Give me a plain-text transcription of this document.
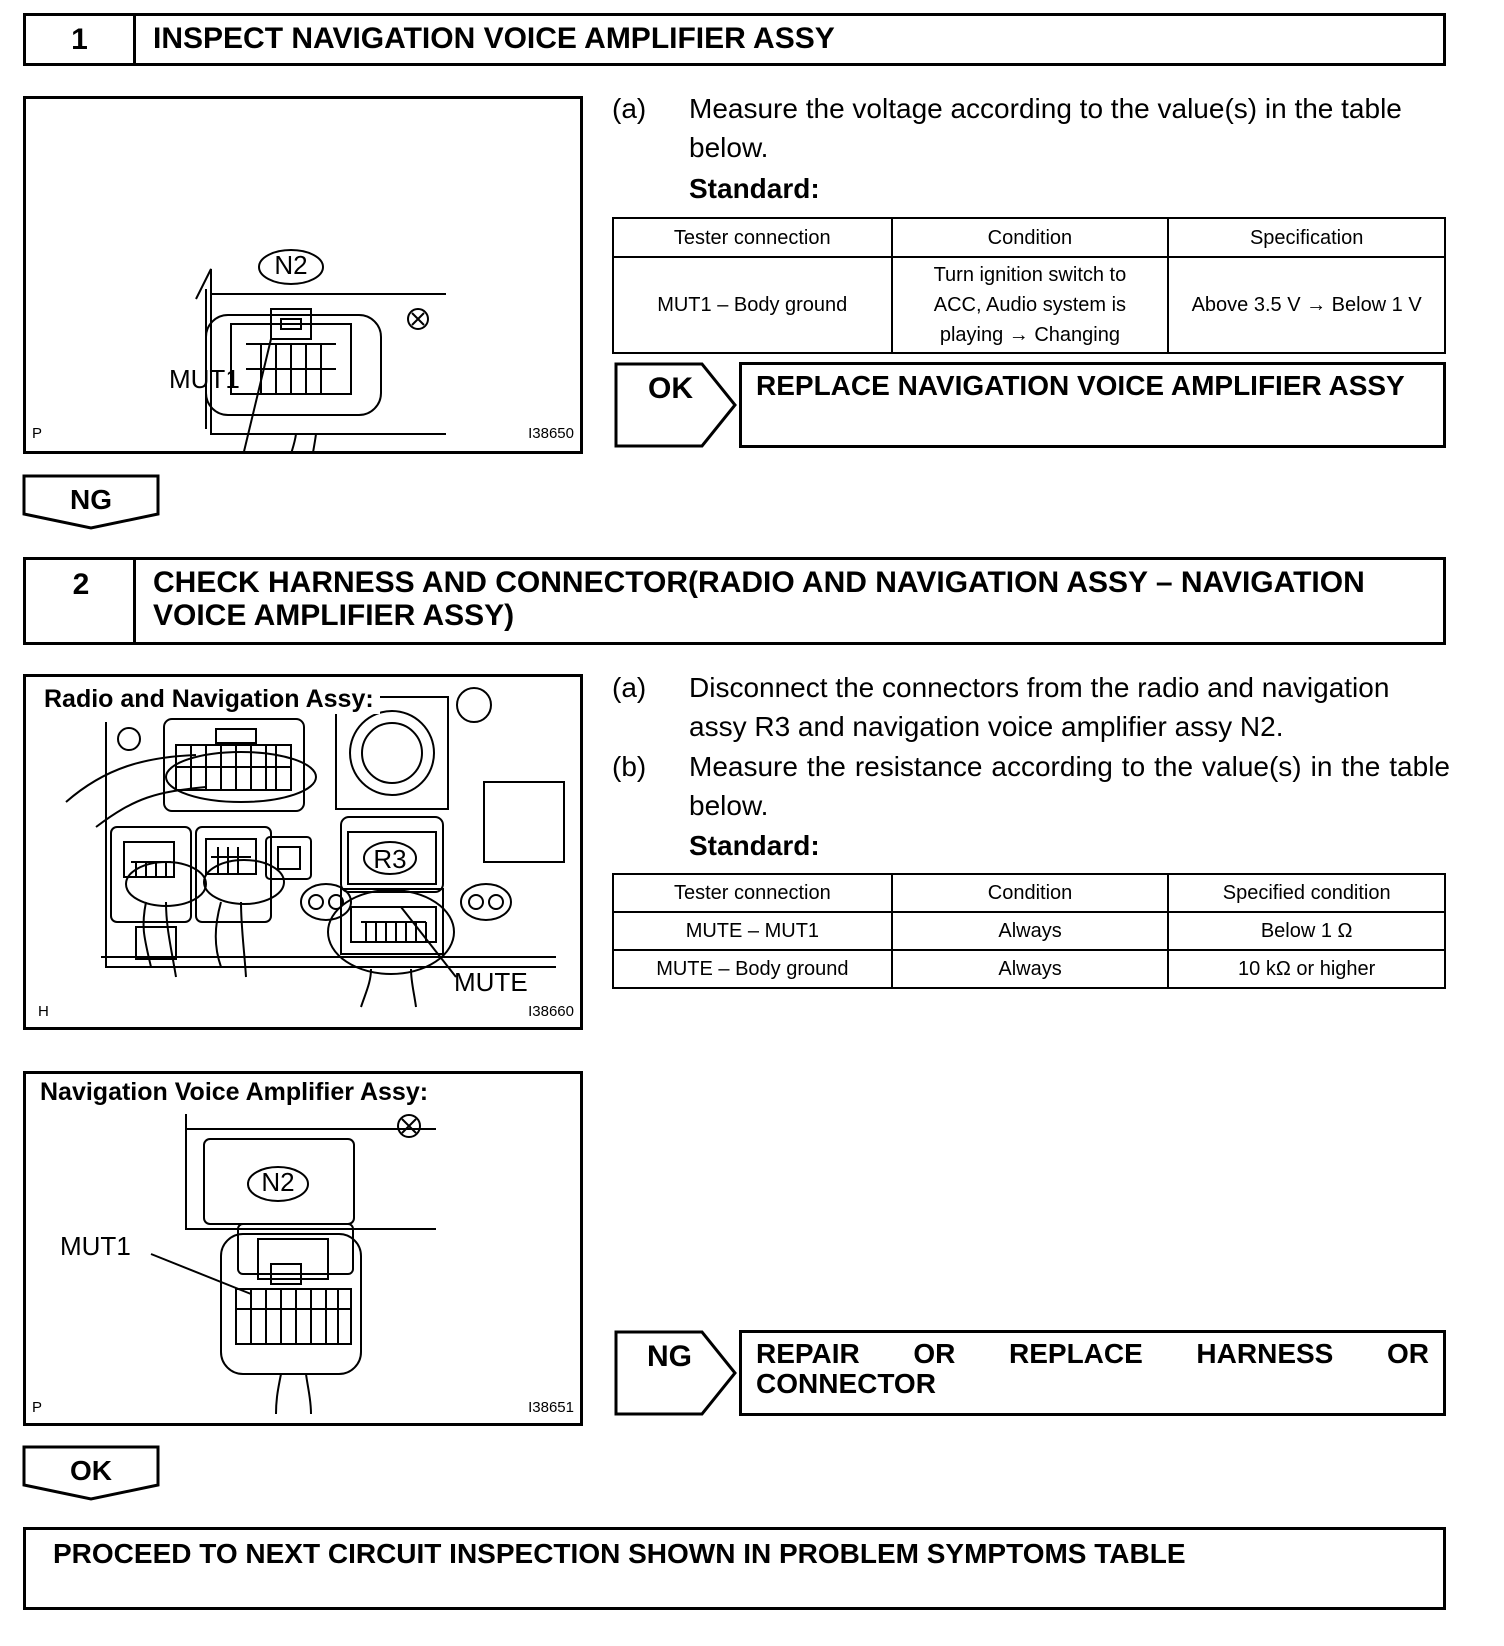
1	INSPECT NAVIGATION VOICE AMPLIFIER ASSY
N2
MUT1
P	I38650
(a) Measure the voltage according to the value(s) in the table below.
Standard:
Tester connection	Condition	Specification
MUT1 – Body ground	Turn ignition switch to ACC, Audio system is playing → Changing	Above 3.5 V → Below 1 V
OK	REPLACE NAVIGATION VOICE AMPLIFIER ASSY
NG
2	CHECK HARNESS AND CONNECTOR(RADIO AND NAVIGATION ASSY – NAVIGATION VOICE AMPLIFIER ASSY)
Radio and Navigation Assy:
R3
MUTE
H	I38660
Navigation Voice Amplifier Assy:
N2
MUT1
P	I38651
(a) Disconnect the connectors from the radio and navigation assy R3 and navigation voice amplifier assy N2.
(b) Measure the resistance according to the value(s) in the table below.
Standard:
Tester connection	Condition	Specified condition
MUTE – MUT1	Always	Below 1 Ω
MUTE – Body ground	Always	10 kΩ or higher
NG	REPAIR OR REPLACE HARNESS OR CONNECTOR
OK
PROCEED TO NEXT CIRCUIT INSPECTION SHOWN IN PROBLEM SYMPTOMS TABLE
